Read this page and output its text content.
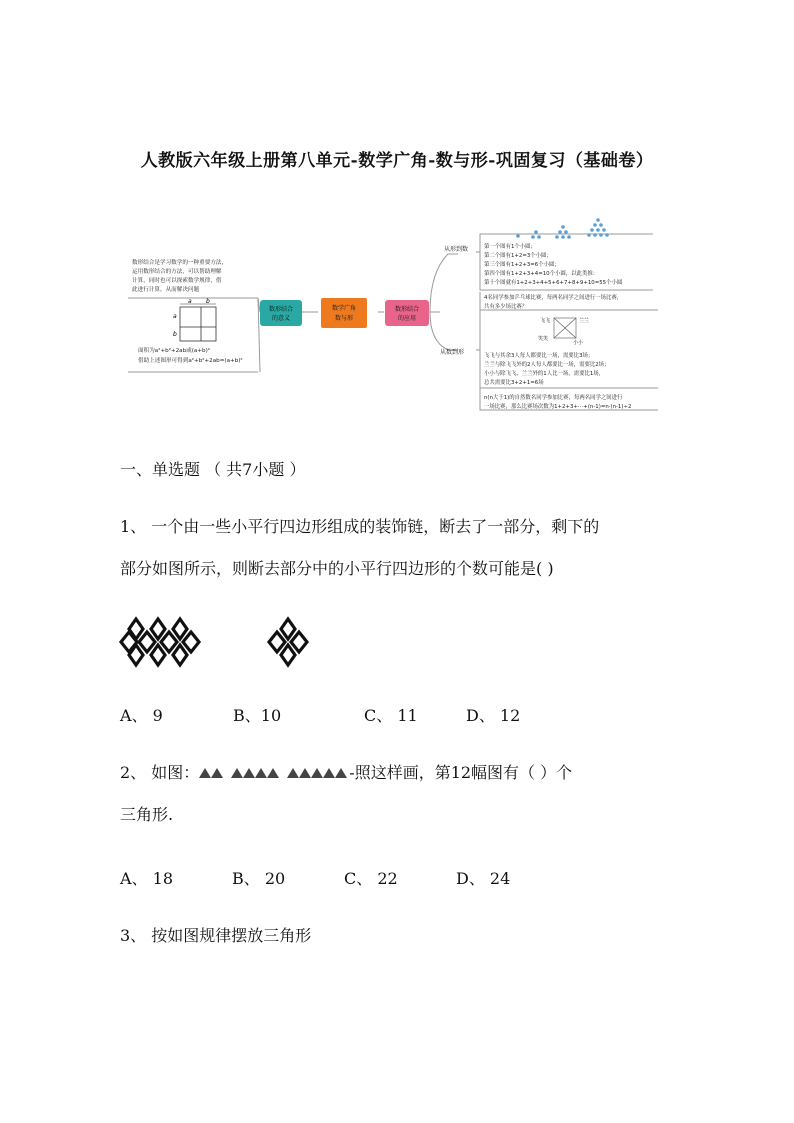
人教版六年级上册第八单元-数学广角-数与形-巩固复习（基础卷）
数形结合是学习数学的一种重要方法，
运用数形结合的方法，可以帮助理解
计算，同时也可以探索数学规律，借
此进行计算，从而解决问题
面积为a²+b²+2ab或(a+b)²
借助上述图形可得到a²+b²+2ab=(a+b)²
a b
a
b
数形结合
的意义
数学广角
数与形
数形结合
的应用
从形到数
从数到形
第一个图有1个小圆；
第二个图有1+2=3个小圆；
第三个图有1+2+3=6个小圆；
第四个图有1+2+3+4=10个小圆，以此类推：
第十个图就有1+2+3+4+5+6+7+8+9+10=55个小圆
4名同学参加乒乓球比赛，每两名同学之间进行一场比赛，
共有多少场比赛？
飞飞	兰兰
笑笑
小小
飞飞与其余3人每人都要比一场，需要比3场；
兰兰与除飞飞外的2人每人都要比一场，需要比2场；
小小与除飞飞、兰兰外的1人比一场，需要比1场，
总共需要比3+2+1=6场
n(n大于1)的自然数名同学参加比赛，每两名同学之间进行
一场比赛，那么比赛场次数为1+2+3+⋯+(n-1)=n·(n-1)÷2
一、单选题 （ 共7小题 ）
1、 一个由一些小平行四边形组成的装饰链，断去了一部分，剩下的
部分如图所示，则断去部分中的小平行四边形的个数可能是( )
A、 9	B、10	C、 11	D、 12
2、 如图：	-照这样画，第12幅图有（ ）个
三角形.
A、 18	B、 20	C、 22	D、 24
3、 按如图规律摆放三角形
